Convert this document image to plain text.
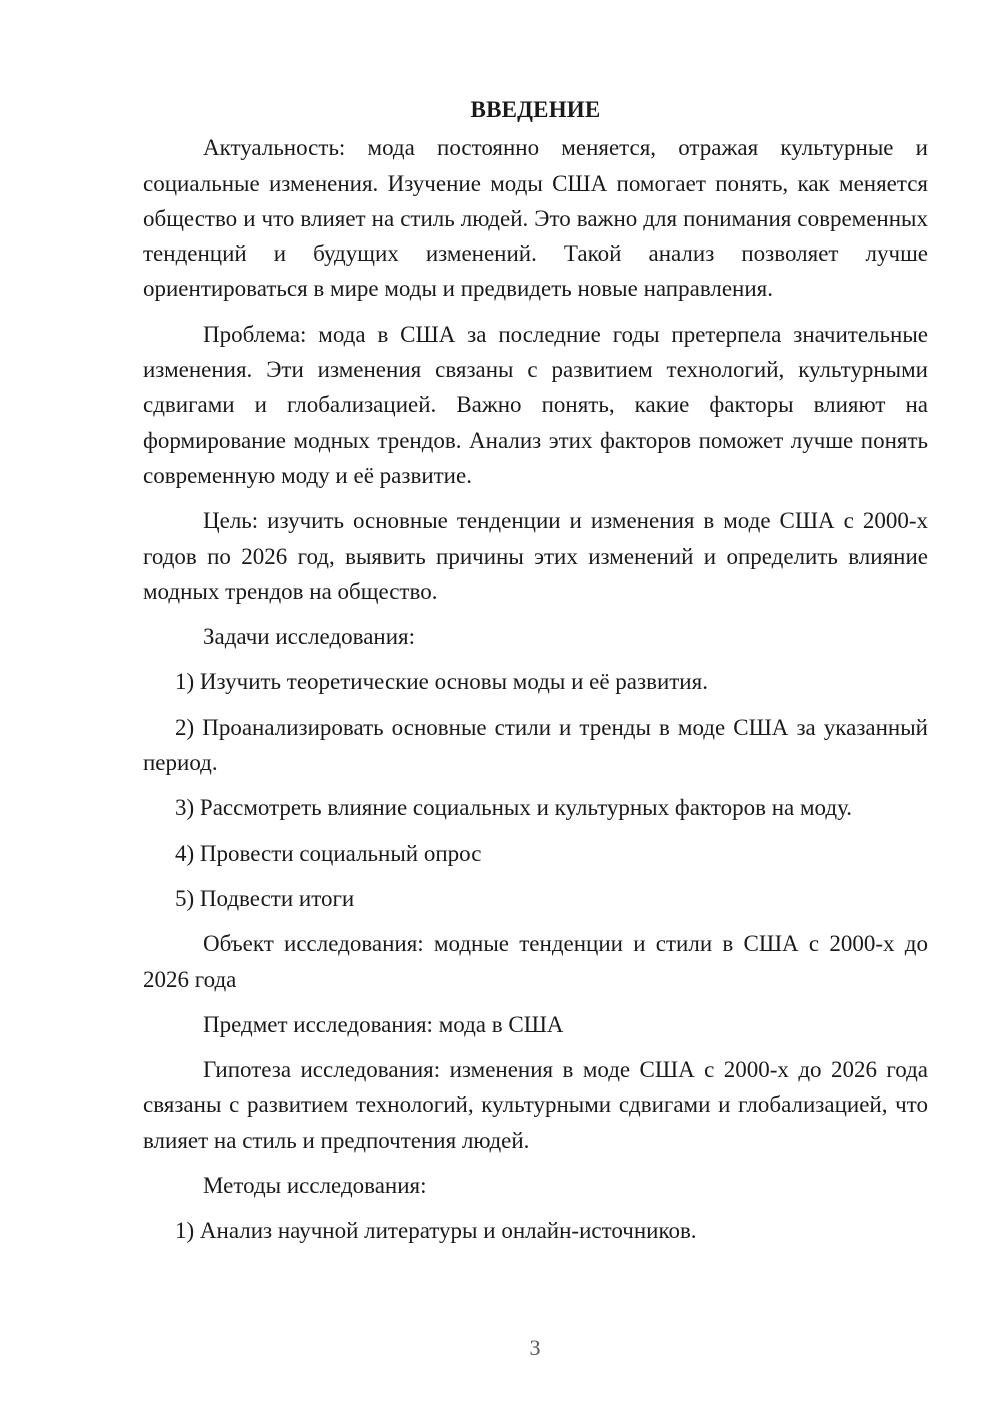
ВВЕДЕНИЕ

Актуальность: мода постоянно меняется, отражая культурные и социальные изменения. Изучение моды США помогает понять, как меняется общество и что влияет на стиль людей. Это важно для понимания современных тенденций и будущих изменений. Такой анализ позволяет лучше ориентироваться в мире моды и предвидеть новые направления.

Проблема: мода в США за последние годы претерпела значительные изменения. Эти изменения связаны с развитием технологий, культурными сдвигами и глобализацией. Важно понять, какие факторы влияют на формирование модных трендов. Анализ этих факторов поможет лучше понять современную моду и её развитие.

Цель: изучить основные тенденции и изменения в моде США с 2000-х годов по 2026 год, выявить причины этих изменений и определить влияние модных трендов на общество.

Задачи исследования:

1) Изучить теоретические основы моды и её развития.

2) Проанализировать основные стили и тренды в моде США за указанный период.

3) Рассмотреть влияние социальных и культурных факторов на моду.

4) Провести социальный опрос

5) Подвести итоги

Объект исследования: модные тенденции и стили в США с 2000-х до 2026 года

Предмет исследования: мода в США

Гипотеза исследования: изменения в моде США с 2000-х до 2026 года связаны с развитием технологий, культурными сдвигами и глобализацией, что влияет на стиль и предпочтения людей.

Методы исследования:

1) Анализ научной литературы и онлайн-источников.

3
